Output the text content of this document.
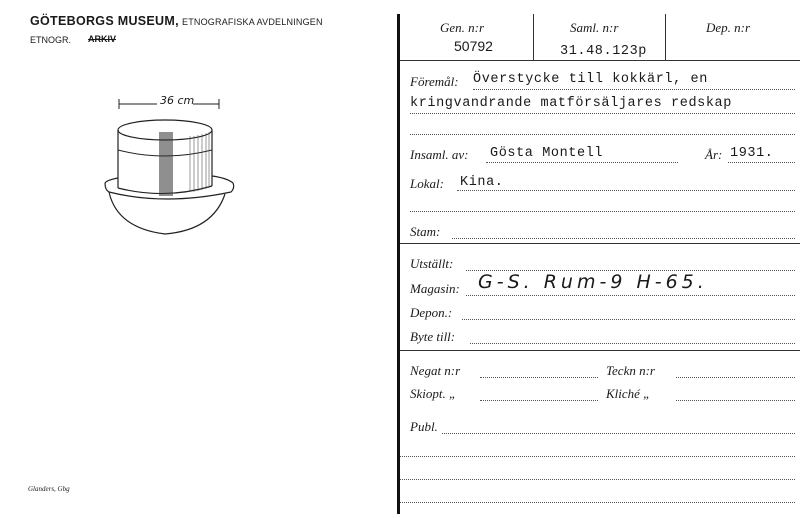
GÖTEBORGS MUSEUM, ETNOGRAFISKA AVDELNINGEN
ETNOGR. ARKIV
36 cm
Glanders, Gbg
Gen. n:r
50792
Saml. n:r
31.48.123p
Dep. n:r
Föremål: Överstycke till kokkärl, en
kringvandrande matförsäljares redskap
Insaml. av: Gösta Montell	År: 1931.
Lokal: Kina.
Stam:
Utställt:
Magasin: G-S. Rum-9 H-65.
Depon.:
Byte till:
Negat n:r	Teckn n:r
Skiopt. „	Kliché „
Publ.
